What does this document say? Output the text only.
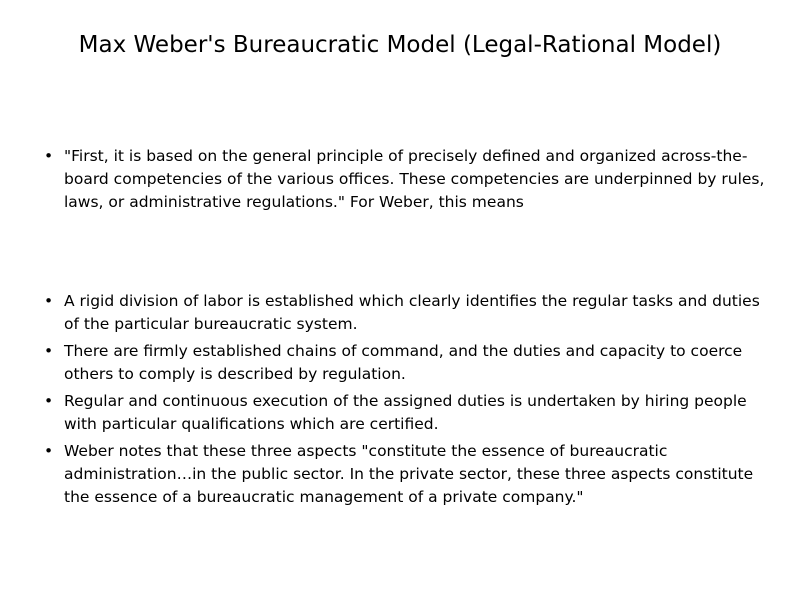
Max Weber's Bureaucratic Model (Legal-Rational Model)
• "First, it is based on the general principle of precisely defined and organized across-the-board competencies of the various offices. These competencies are underpinned by rules, laws, or administrative regulations." For Weber, this means
• A rigid division of labor is established which clearly identifies the regular tasks and duties of the particular bureaucratic system.
• There are firmly established chains of command, and the duties and capacity to coerce others to comply is described by regulation.
• Regular and continuous execution of the assigned duties is undertaken by hiring people with particular qualifications which are certified.
• Weber notes that these three aspects "constitute the essence of bureaucratic administration…in the public sector. In the private sector, these three aspects constitute the essence of a bureaucratic management of a private company."
